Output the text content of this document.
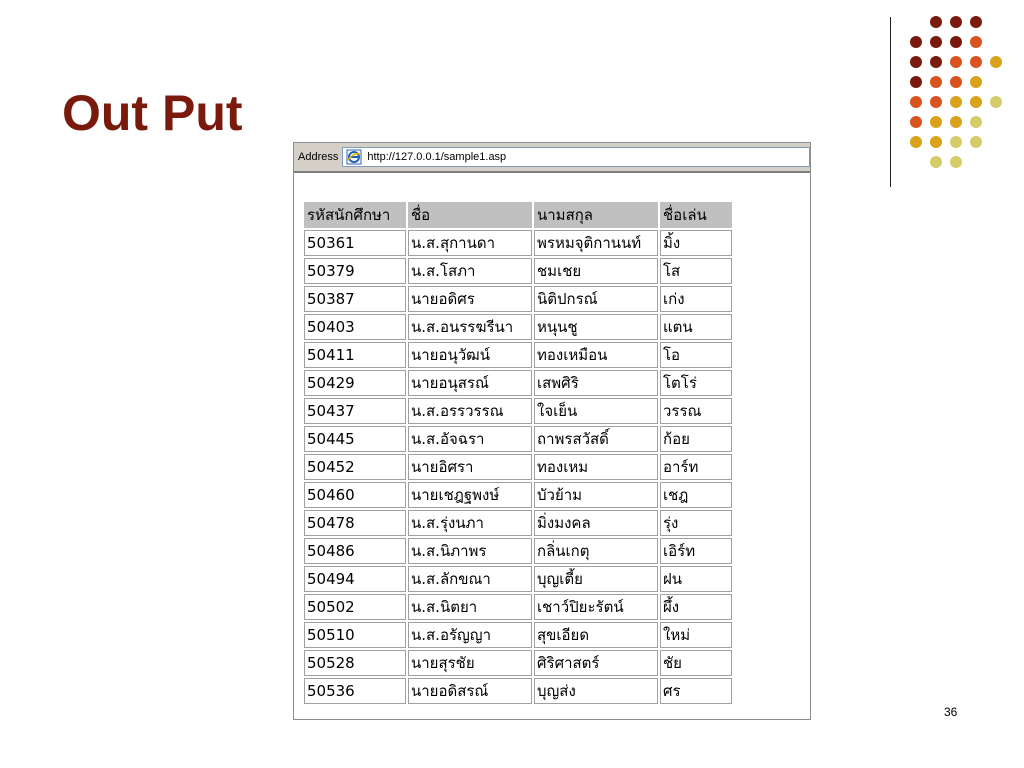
Out Put
Address	http://127.0.0.1/sample1.asp
รหัสนักศึกษา	ชื่อ	นามสกุล	ชื่อเล่น
50361	น.ส.สุกานดา	พรหมจุติกานนท์	มิ้ง
50379	น.ส.โสภา	ชมเชย	โส
50387	นายอดิศร	นิติปกรณ์	เก่ง
50403	น.ส.อนรรฆรีนา	หนุนชู	แตน
50411	นายอนุวัฒน์	ทองเหมือน	โอ
50429	นายอนุสรณ์	เสพศิริ	โตโร่
50437	น.ส.อรรวรรณ	ใจเย็น	วรรณ
50445	น.ส.อัจฉรา	ถาพรสวัสดิ์	ก้อย
50452	นายอิศรา	ทองเหม	อาร์ท
50460	นายเชฎฐพงษ์	บัวย้าม	เชฎ
50478	น.ส.รุ่งนภา	มิ่งมงคล	รุ่ง
50486	น.ส.นิภาพร	กลิ่นเกตุ	เอิร์ท
50494	น.ส.ลักขณา	บุญเตี้ย	ฝน
50502	น.ส.นิตยา	เชาว์ปิยะรัตน์	ผึ้ง
50510	น.ส.อรัญญา	สุขเอียด	ใหม่
50528	นายสุรชัย	ศิริศาสตร์	ชัย
50536	นายอดิสรณ์	บุญส่ง	ศร
36
